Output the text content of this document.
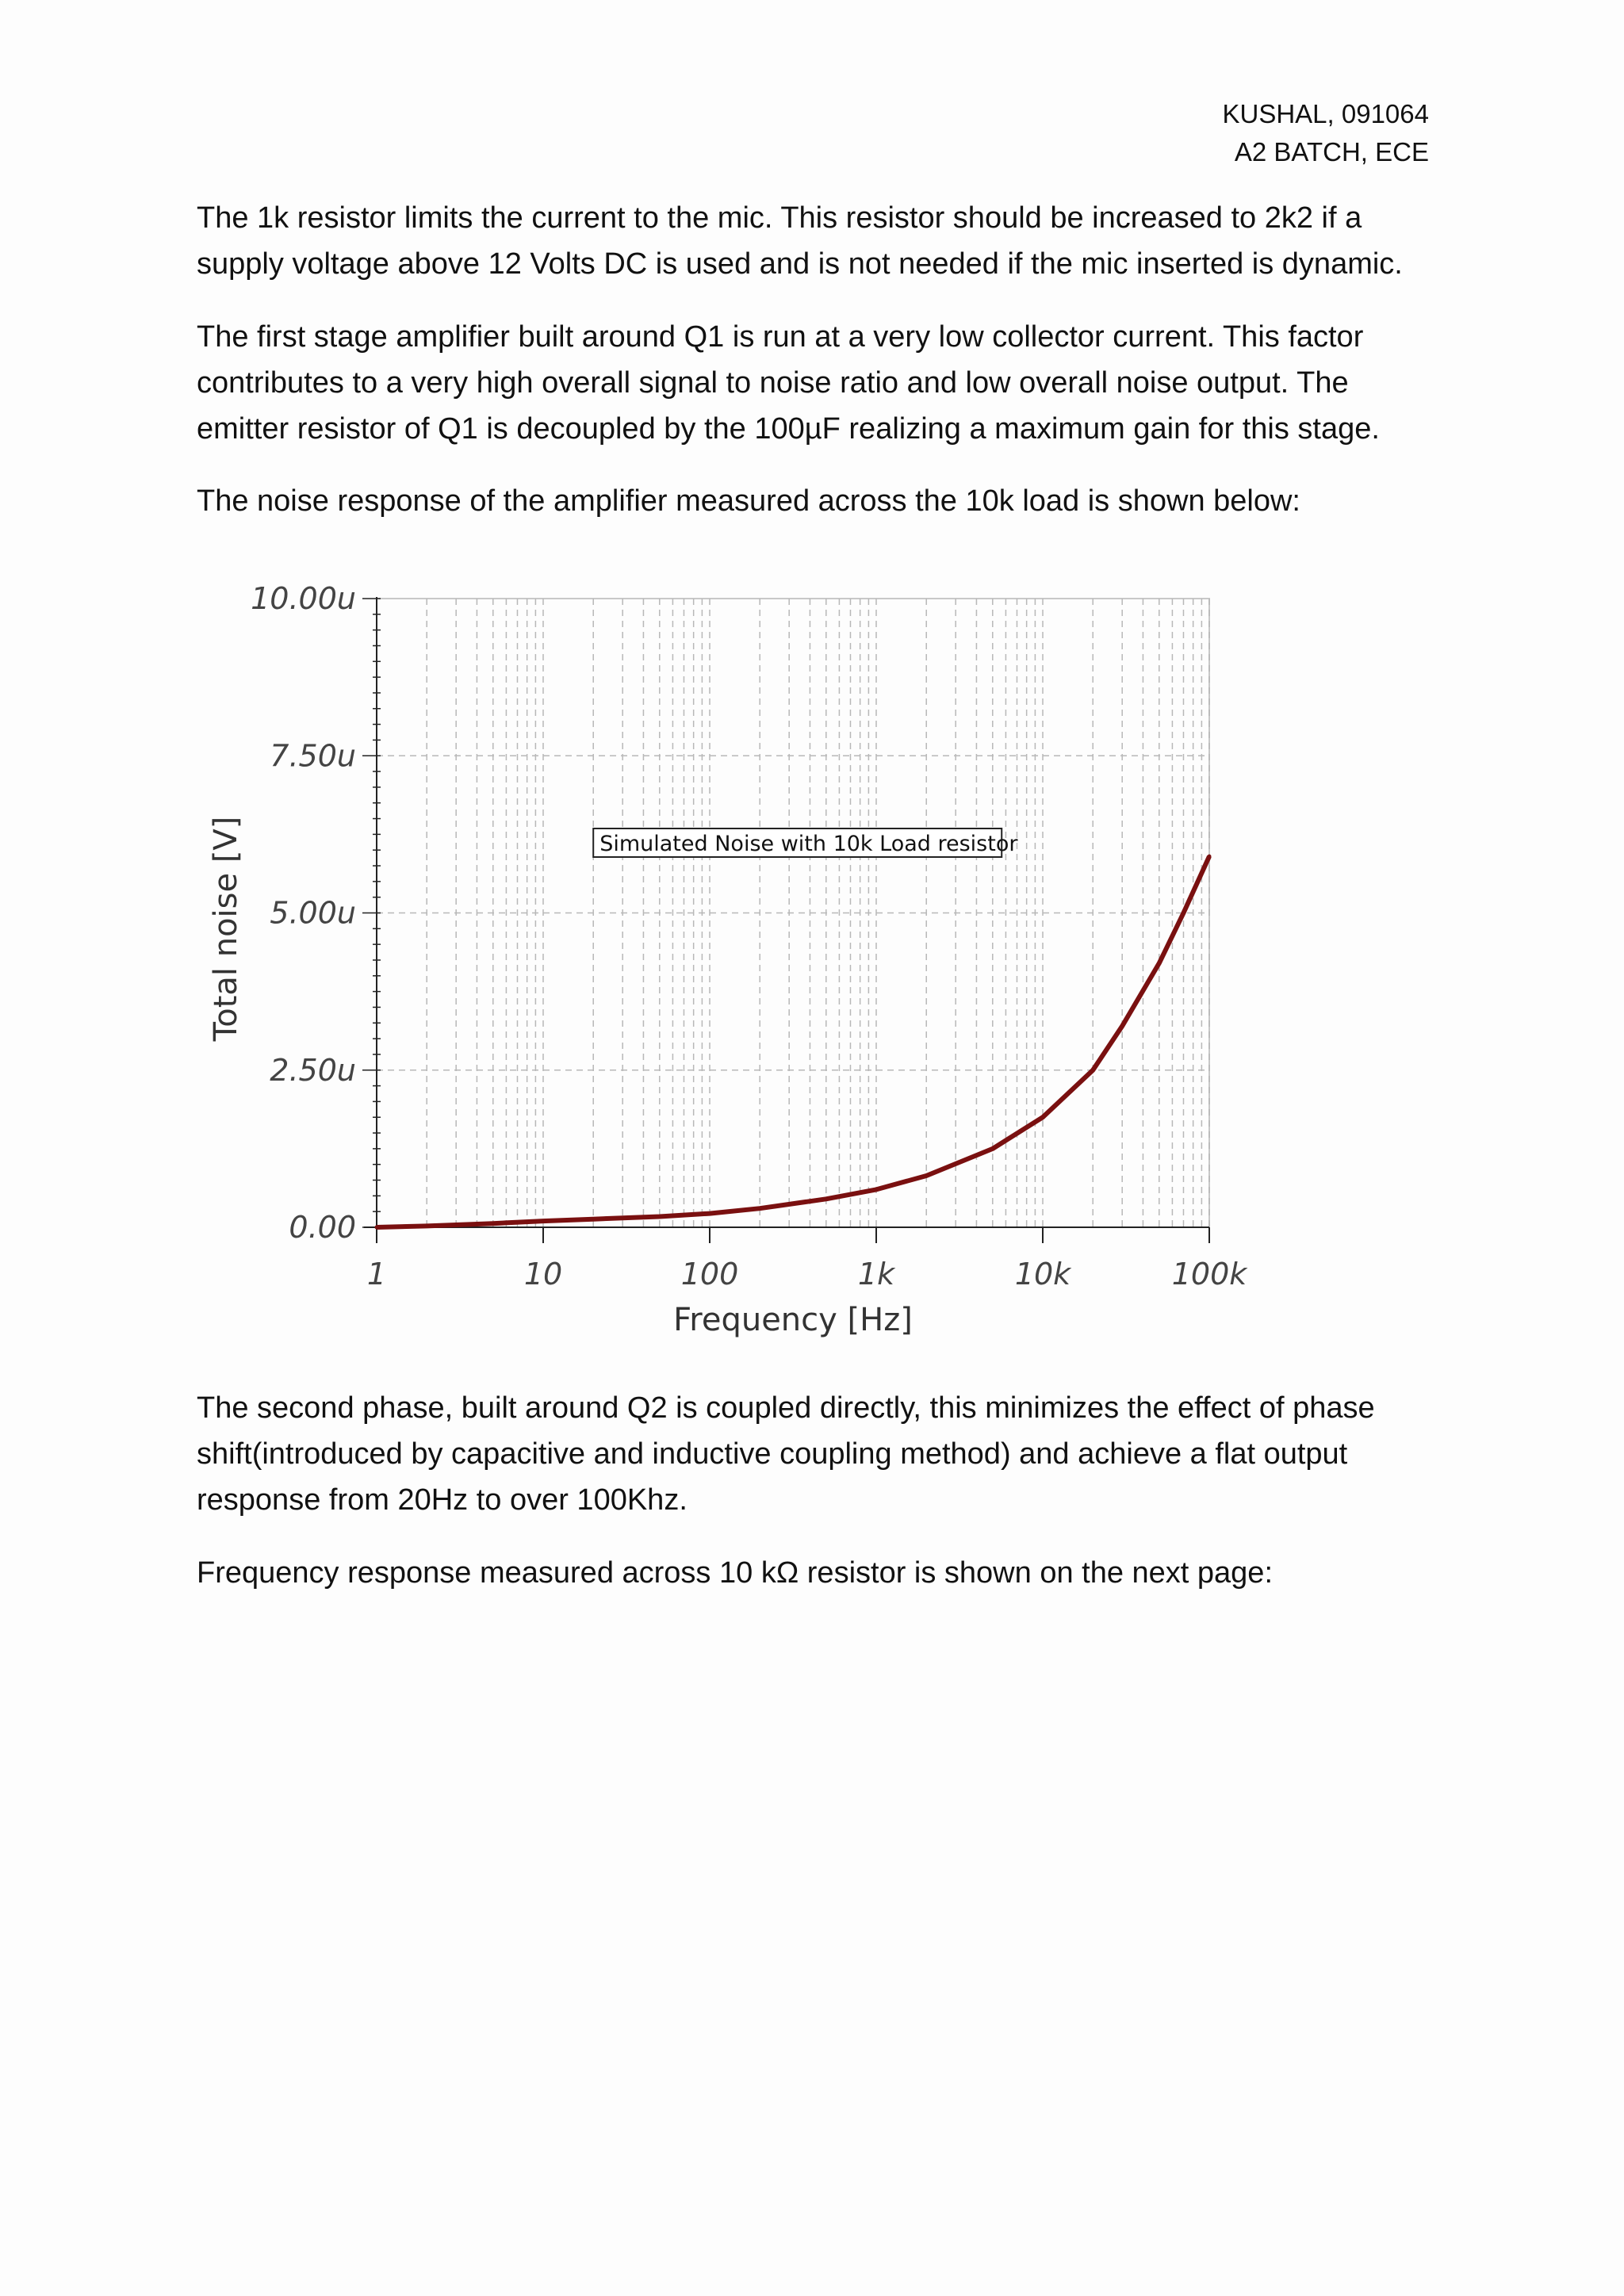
KUSHAL, 091064
A2 BATCH, ECE
The 1k resistor limits the current to the mic. This resistor should be increased to 2k2 if a supply voltage above 12 Volts DC is used and is not needed if the mic inserted is dynamic.
The first stage amplifier built around Q1 is run at a very low collector current. This factor contributes to a very high overall signal to noise ratio and low overall noise output. The emitter resistor of Q1 is decoupled by the 100µF realizing a maximum gain for this stage.
The noise response of the amplifier measured across the 10k load is shown below:
0.00
2.50u
5.00u
7.50u
10.00u
1	10	100	1k	10k	100k
Frequency [Hz]
Total noise [V]	Simulated Noise with 10k Load resistor
The second phase, built around Q2 is coupled directly, this minimizes the effect of phase shift(introduced by capacitive and inductive coupling method) and achieve a flat output response from 20Hz to over 100Khz.
Frequency response measured across 10 kΩ resistor is shown on the next page:
